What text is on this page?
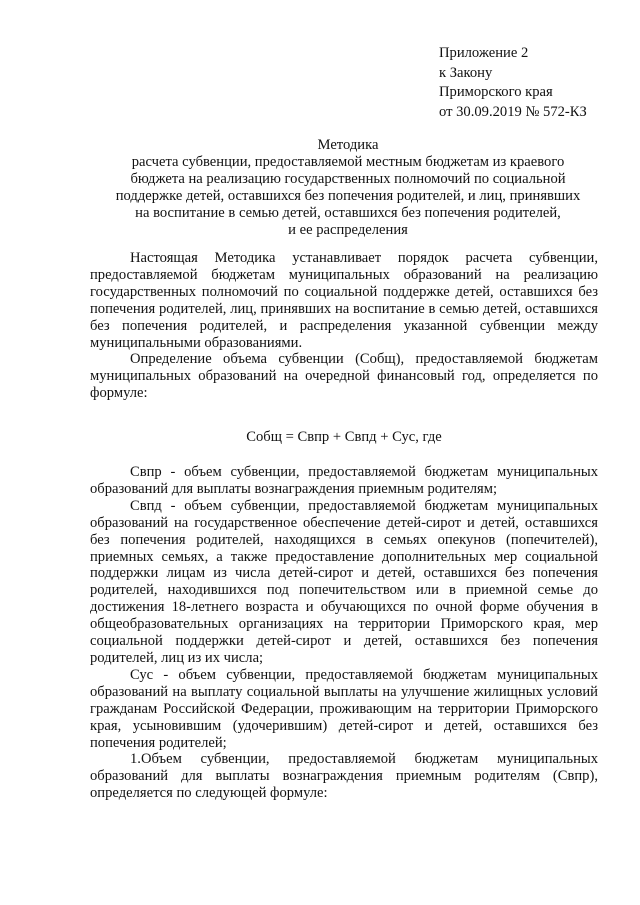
Приложение 2
к Закону
Приморского края
от 30.09.2019 № 572-КЗ
Методика
расчета субвенции, предоставляемой местным бюджетам из краевого
бюджета на реализацию государственных полномочий по социальной
поддержке детей, оставшихся без попечения родителей, и лиц, принявших
на воспитание в семью детей, оставшихся без попечения родителей,
и ее распределения

Настоящая Методика устанавливает порядок расчета субвенции, предоставляемой бюджетам муниципальных образований на реализацию государственных полномочий по социальной поддержке детей, оставшихся без попечения родителей, лиц, принявших на воспитание в семью детей, оставшихся без попечения родителей, и распределения указанной субвенции между муниципальными образованиями.

Определение объема субвенции (Собщ), предоставляемой бюджетам муниципальных образований на очередной финансовый год, определяется по формуле:

Собщ = Свпр + Свпд + Сус, где

Свпр - объем субвенции, предоставляемой бюджетам муниципальных образований для выплаты вознаграждения приемным родителям;

Свпд - объем субвенции, предоставляемой бюджетам муниципальных образований на государственное обеспечение детей-сирот и детей, оставшихся без попечения родителей, находящихся в семьях опекунов (попечителей), приемных семьях, а также предоставление дополнительных мер социальной поддержки лицам из числа детей-сирот и детей, оставшихся без попечения родителей, находившихся под попечительством или в приемной семье до достижения 18-летнего возраста и обучающихся по очной форме обучения в общеобразовательных организациях на территории Приморского края, мер социальной поддержки детей-сирот и детей, оставшихся без попечения родителей, лиц из их числа;

Сус - объем субвенции, предоставляемой бюджетам муниципальных образований на выплату социальной выплаты на улучшение жилищных условий гражданам Российской Федерации, проживающим на территории Приморского края, усыновившим (удочерившим) детей-сирот и детей, оставшихся без попечения родителей;

1.Объем субвенции, предоставляемой бюджетам муниципальных образований для выплаты вознаграждения приемным родителям (Свпр), определяется по следующей формуле:
